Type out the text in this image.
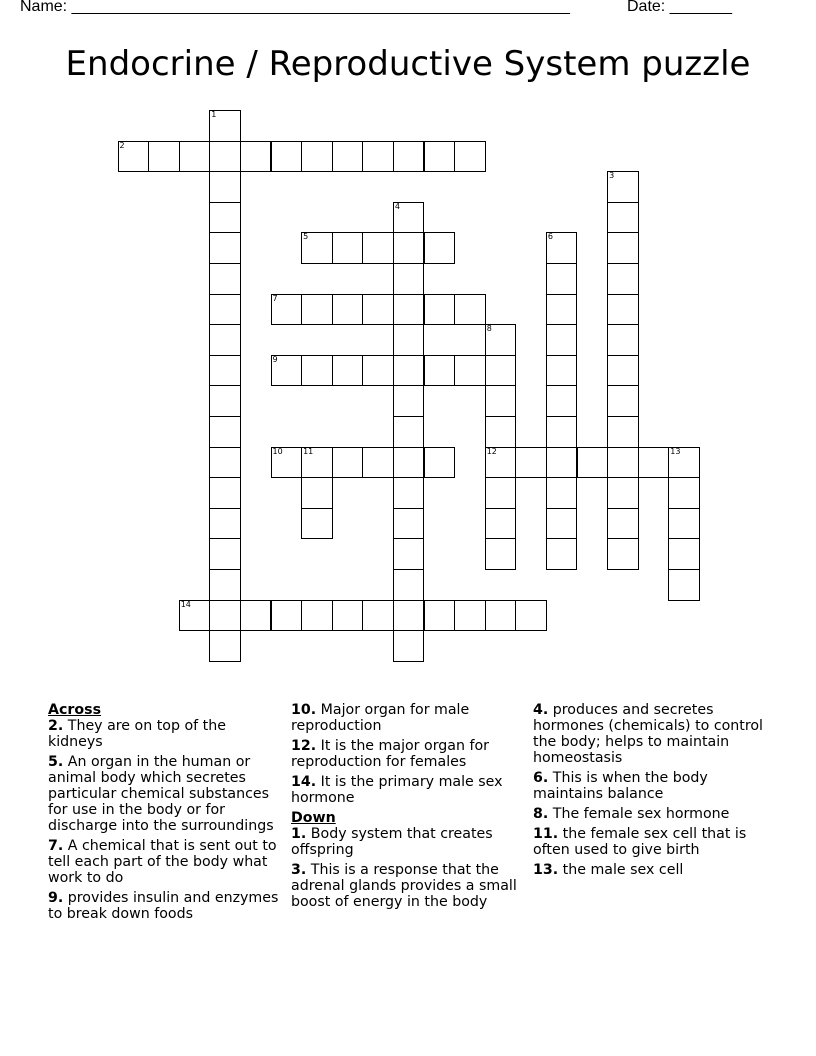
Name: ________________________________________________________	Date: _______
Endocrine / Reproductive System puzzle
1
2
3
4
5	6
7
8
12
9
10	11	13
14
Across
2. They are on top of the kidneys
5. An organ in the human or animal body which secretes particular chemical substances for use in the body or for discharge into the surroundings
7. A chemical that is sent out to tell each part of the body what work to do
9. provides insulin and enzymes to break down foods
10. Major organ for male reproduction
12. It is the major organ for reproduction for females
14. It is the primary male sex hormone
Down
1. Body system that creates offspring
3. This is a response that the adrenal glands provides a small boost of energy in the body
4. produces and secretes hormones (chemicals) to control the body; helps to maintain homeostasis
6. This is when the body maintains balance
8. The female sex hormone
11. the female sex cell that is often used to give birth
13. the male sex cell
